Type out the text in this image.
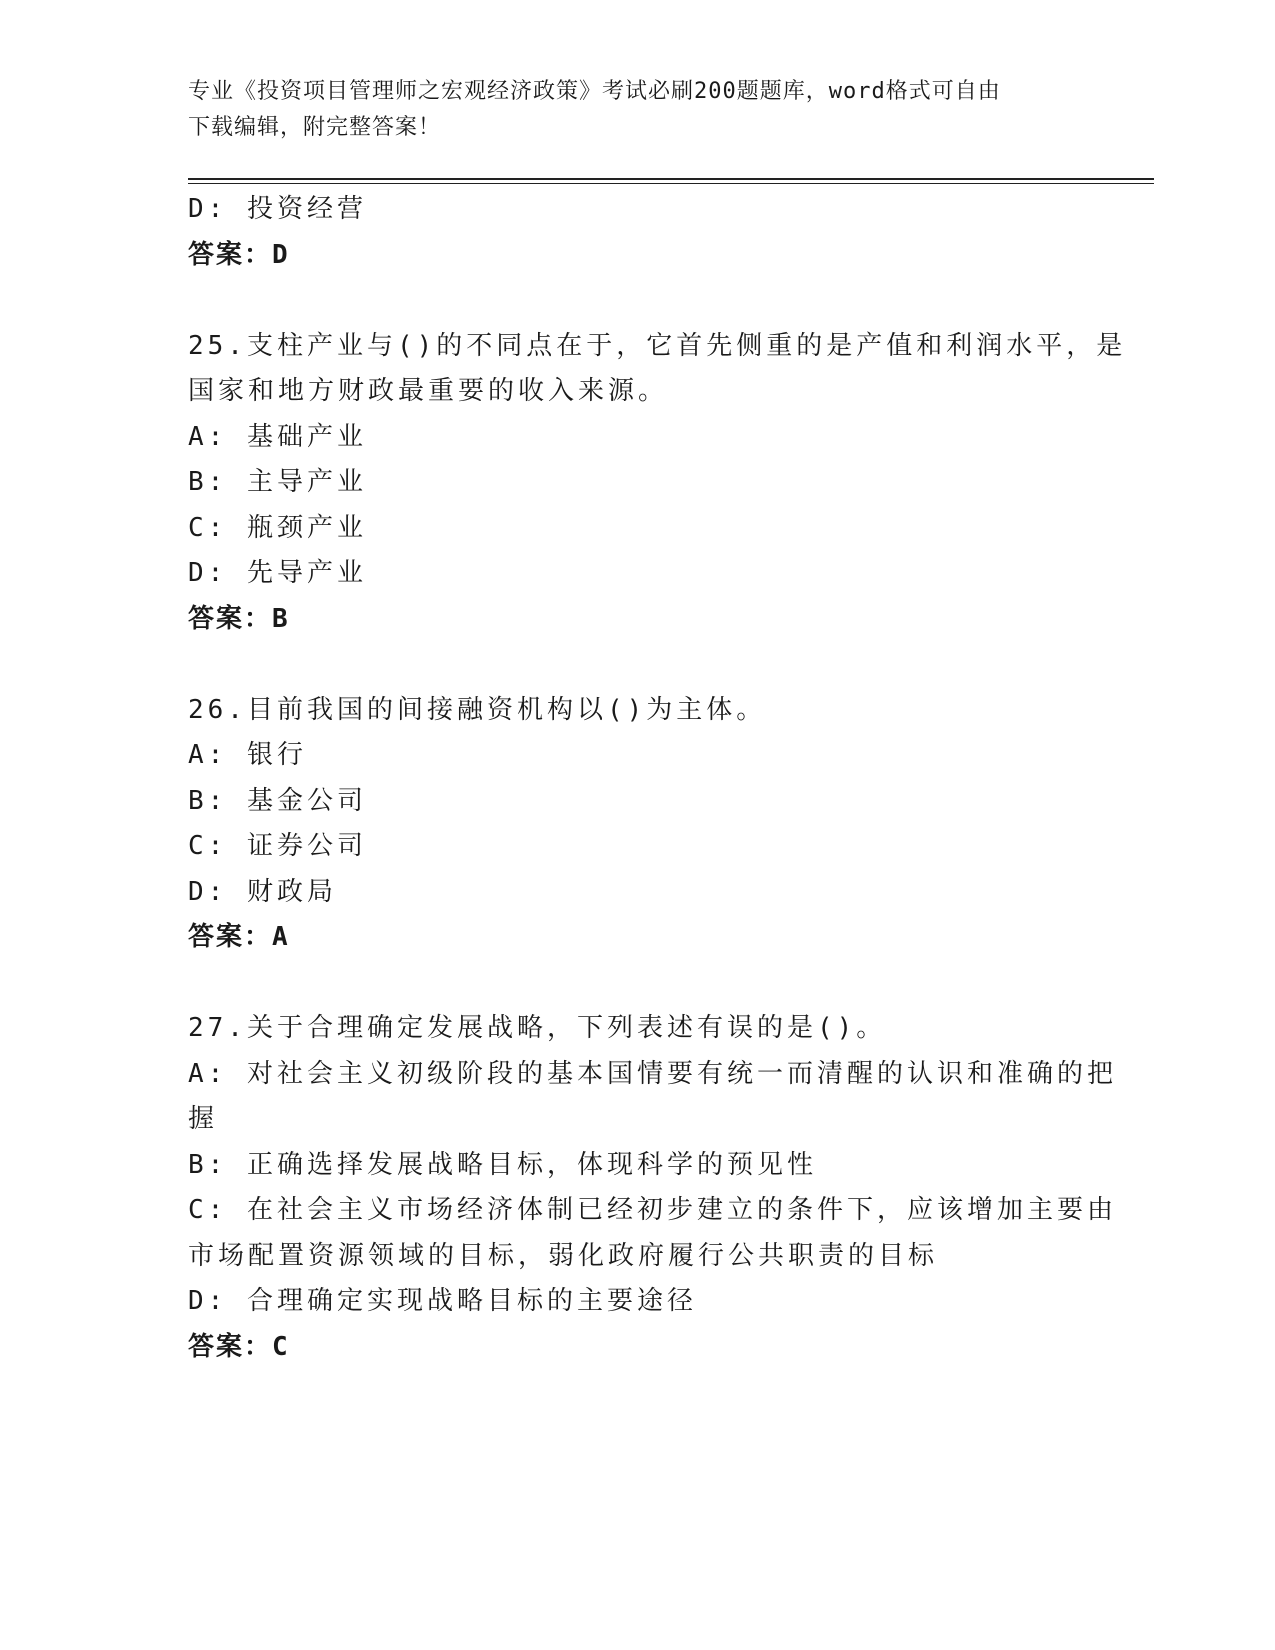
专业《投资项目管理师之宏观经济政策》考试必刷200题题库，word格式可自由
下载编辑，附完整答案！
D: 投资经营
答案：D
25.支柱产业与()的不同点在于，它首先侧重的是产值和利润水平，是
国家和地方财政最重要的收入来源。
A: 基础产业
B: 主导产业
C: 瓶颈产业
D: 先导产业
答案：B
26.目前我国的间接融资机构以()为主体。
A: 银行
B: 基金公司
C: 证券公司
D: 财政局
答案：A
27.关于合理确定发展战略，下列表述有误的是()。
A: 对社会主义初级阶段的基本国情要有统一而清醒的认识和准确的把
握
B: 正确选择发展战略目标，体现科学的预见性
C: 在社会主义市场经济体制已经初步建立的条件下，应该增加主要由
市场配置资源领域的目标，弱化政府履行公共职责的目标
D: 合理确定实现战略目标的主要途径
答案：C
